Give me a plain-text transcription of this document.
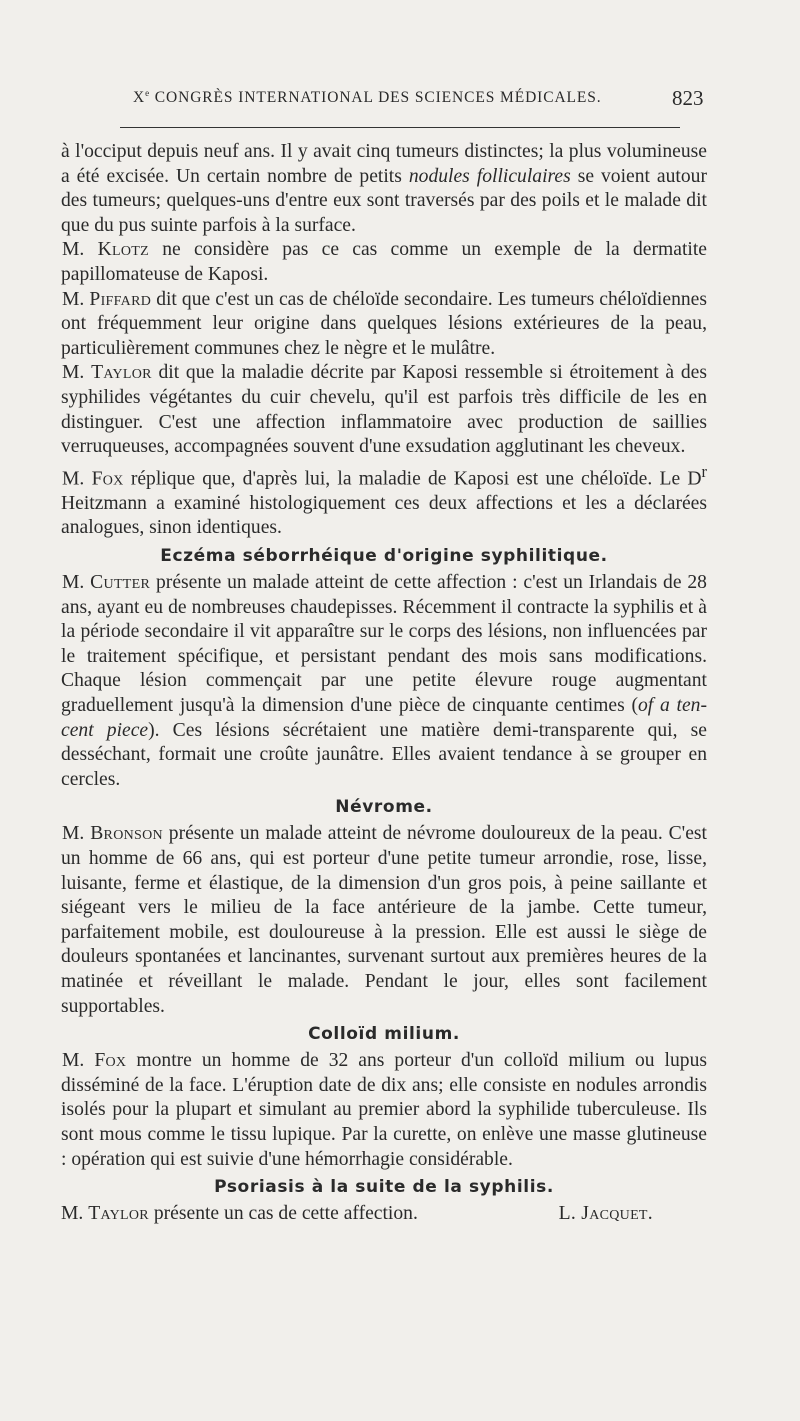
Xe CONGRÈS INTERNATIONAL DES SCIENCES MÉDICALES.	823

à l'occiput depuis neuf ans. Il y avait cinq tumeurs distinctes; la plus volumineuse a été excisée. Un certain nombre de petits nodules folliculaires se voient autour des tumeurs; quelques-uns d'entre eux sont traversés par des poils et le malade dit que du pus suinte parfois à la surface.

M. Klotz ne considère pas ce cas comme un exemple de la dermatite papillomateuse de Kaposi.

M. Piffard dit que c'est un cas de chéloïde secondaire. Les tumeurs chéloïdiennes ont fréquemment leur origine dans quelques lésions extérieures de la peau, particulièrement communes chez le nègre et le mulâtre.

M. Taylor dit que la maladie décrite par Kaposi ressemble si étroitement à des syphilides végétantes du cuir chevelu, qu'il est parfois très difficile de les en distinguer. C'est une affection inflammatoire avec production de saillies verruqueuses, accompagnées souvent d'une exsudation agglutinant les cheveux.

M. Fox réplique que, d'après lui, la maladie de Kaposi est une chéloïde. Le $D^r$ Heitzmann a examiné histologiquement ces deux affections et les a déclarées analogues, sinon identiques.

Eczéma séborrhéique d'origine syphilitique.

M. Cutter présente un malade atteint de cette affection : c'est un Irlandais de 28 ans, ayant eu de nombreuses chaudepisses. Récemment il contracte la syphilis et à la période secondaire il vit apparaître sur le corps des lésions, non influencées par le traitement spécifique, et persistant pendant des mois sans modifications. Chaque lésion commençait par une petite élevure rouge augmentant graduellement jusqu'à la dimension d'une pièce de cinquante centimes (of a ten-cent piece). Ces lésions sécrétaient une matière demi-transparente qui, se desséchant, formait une croûte jaunâtre. Elles avaient tendance à se grouper en cercles.

Névrome.

M. Bronson présente un malade atteint de névrome douloureux de la peau. C'est un homme de 66 ans, qui est porteur d'une petite tumeur arrondie, rose, lisse, luisante, ferme et élastique, de la dimension d'un gros pois, à peine saillante et siégeant vers le milieu de la face antérieure de la jambe. Cette tumeur, parfaitement mobile, est douloureuse à la pression. Elle est aussi le siège de douleurs spontanées et lancinantes, survenant surtout aux premières heures de la matinée et réveillant le malade. Pendant le jour, elles sont facilement supportables.

Colloïd milium.

M. Fox montre un homme de 32 ans porteur d'un colloïd milium ou lupus disséminé de la face. L'éruption date de dix ans; elle consiste en nodules arrondis isolés pour la plupart et simulant au premier abord la syphilide tuberculeuse. Ils sont mous comme le tissu lupique. Par la curette, on enlève une masse glutineuse : opération qui est suivie d'une hémorrhagie considérable.

Psoriasis à la suite de la syphilis.
M. Taylor présente un cas de cette affection.	L. Jacquet.
